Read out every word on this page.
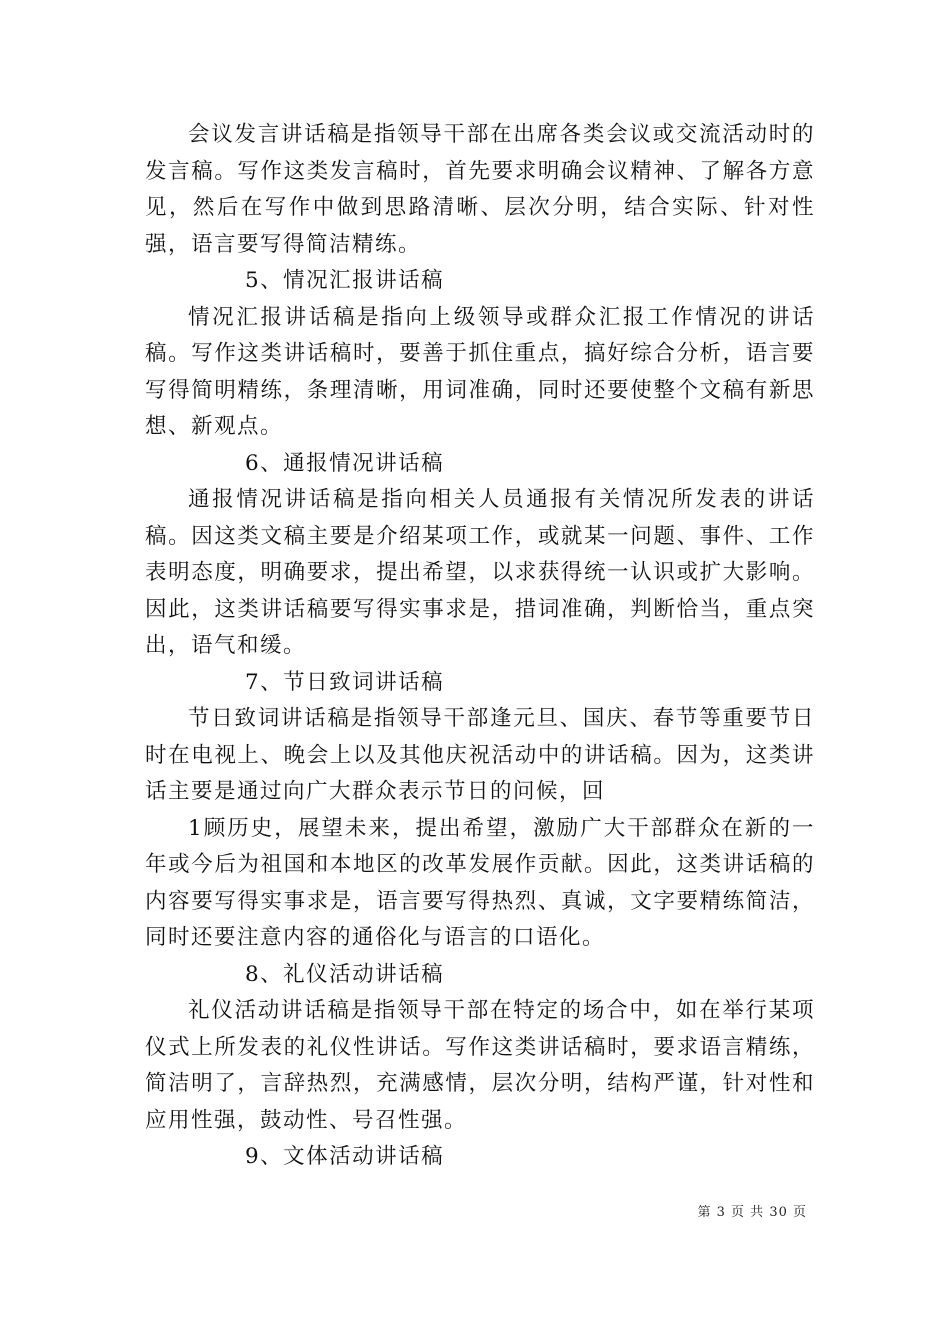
会议发言讲话稿是指领导干部在出席各类会议或交流活动时的发言稿。写作这类发言稿时，首先要求明确会议精神、了解各方意见，然后在写作中做到思路清晰、层次分明，结合实际、针对性强，语言要写得简洁精练。

5、情况汇报讲话稿

情况汇报讲话稿是指向上级领导或群众汇报工作情况的讲话稿。写作这类讲话稿时，要善于抓住重点，搞好综合分析，语言要写得简明精练，条理清晰，用词准确，同时还要使整个文稿有新思想、新观点。

6、通报情况讲话稿

通报情况讲话稿是指向相关人员通报有关情况所发表的讲话稿。因这类文稿主要是介绍某项工作，或就某一问题、事件、工作表明态度，明确要求，提出希望，以求获得统一认识或扩大影响。因此，这类讲话稿要写得实事求是，措词准确，判断恰当，重点突出，语气和缓。

7、节日致词讲话稿

节日致词讲话稿是指领导干部逢元旦、国庆、春节等重要节日时在电视上、晚会上以及其他庆祝活动中的讲话稿。因为，这类讲话主要是通过向广大群众表示节日的问候，回

1顾历史，展望未来，提出希望，激励广大干部群众在新的一年或今后为祖国和本地区的改革发展作贡献。因此，这类讲话稿的内容要写得实事求是，语言要写得热烈、真诚，文字要精练简洁，同时还要注意内容的通俗化与语言的口语化。

8、礼仪活动讲话稿

礼仪活动讲话稿是指领导干部在特定的场合中，如在举行某项仪式上所发表的礼仪性讲话。写作这类讲话稿时，要求语言精练，简洁明了，言辞热烈，充满感情，层次分明，结构严谨，针对性和应用性强，鼓动性、号召性强。

9、文体活动讲话稿

第 3 页 共 30 页
